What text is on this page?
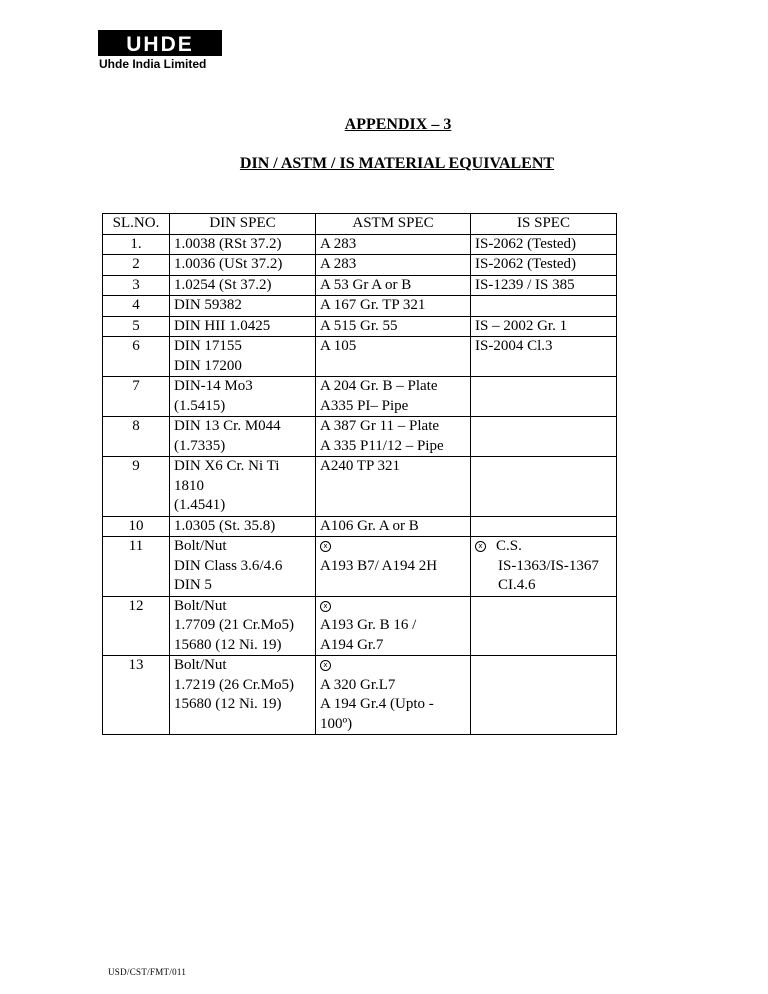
UHDE
Uhde India Limited
APPENDIX – 3
DIN / ASTM / IS MATERIAL EQUIVALENT
SL.NO.	DIN SPEC	ASTM SPEC	IS SPEC
1.	1.0038 (RSt 37.2)	A 283	IS-2062 (Tested)

2	1.0036 (USt 37.2)	A 283	IS-2062 (Tested)

3	1.0254 (St 37.2)	A 53 Gr A or B	IS-1239 / IS 385

4	DIN 59382	A 167 Gr. TP 321	

5	DIN HII 1.0425	A 515 Gr. 55	IS – 2002 Gr. 1

6	DIN 17155
DIN 17200	A 105	IS-2004 Cl.3

7	DIN-14 Mo3
(1.5415)	A 204 Gr. B – Plate
A335 PI– Pipe	

8	DIN 13 Cr. M044
(1.7335)	A 387 Gr 11 – Plate
A 335 P11/12 – Pipe	

9	DIN X6 Cr. Ni Ti
1810
(1.4541)	A240 TP 321	

10	1.0305 (St. 35.8)	A106 Gr. A or B	

11	Bolt/Nut
DIN Class 3.6/4.6
DIN 5	x
A193 B7/ A194 2H	x C.S.
IS-1363/IS-1367
CI.4.6

12	Bolt/Nut
1.7709 (21 Cr.Mo5)
15680 (12 Ni. 19)	x
A193 Gr. B 16 /
A194 Gr.7	

13	Bolt/Nut
1.7219 (26 Cr.Mo5)
15680 (12 Ni. 19)	x
A 320 Gr.L7
A 194 Gr.4 (Upto -
100º)	

USD/CST/FMT/011
